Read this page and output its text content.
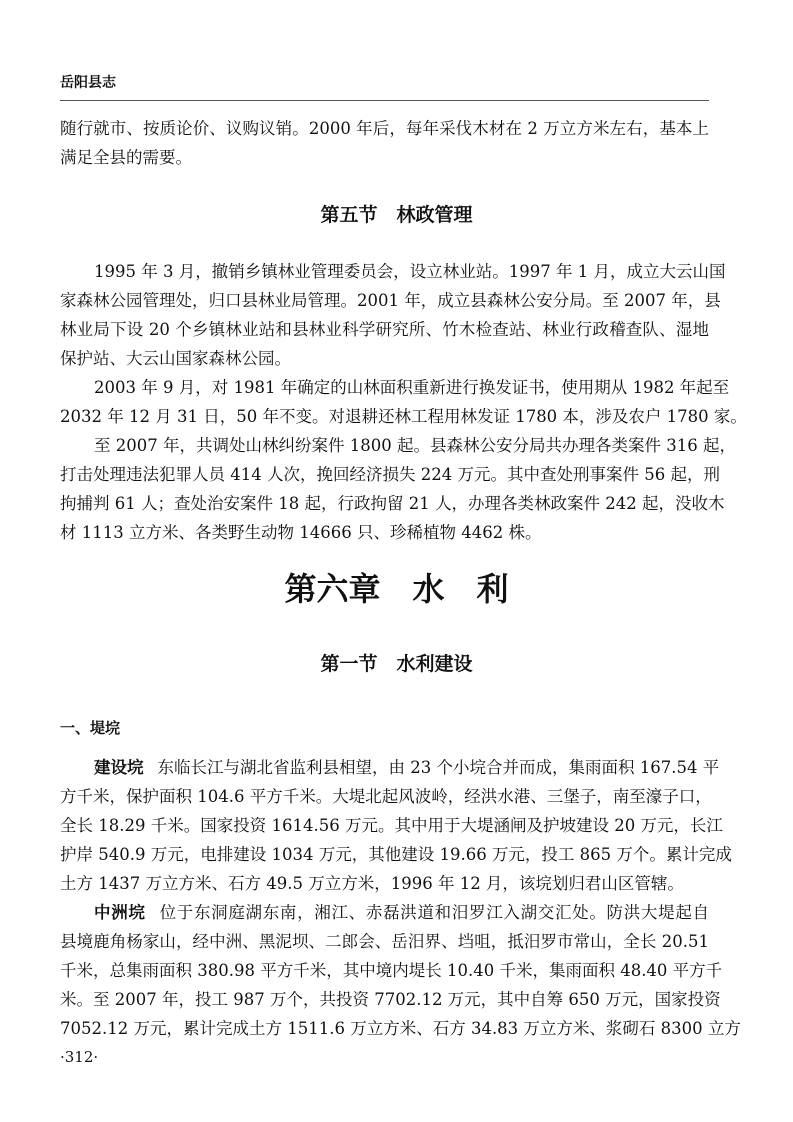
岳阳县志
随行就市、按质论价、议购议销。2000 年后，每年采伐木材在 2 万立方米左右，基本上
满足全县的需要。
第五节　林政管理
1995 年 3 月，撤销乡镇林业管理委员会，设立林业站。1997 年 1 月，成立大云山国
家森林公园管理处，归口县林业局管理。2001 年，成立县森林公安分局。至 2007 年，县
林业局下设 20 个乡镇林业站和县林业科学研究所、竹木检查站、林业行政稽查队、湿地
保护站、大云山国家森林公园。
2003 年 9 月，对 1981 年确定的山林面积重新进行换发证书，使用期从 1982 年起至
2032 年 12 月 31 日，50 年不变。对退耕还林工程用林发证 1780 本，涉及农户 1780 家。
至 2007 年，共调处山林纠纷案件 1800 起。县森林公安分局共办理各类案件 316 起，
打击处理违法犯罪人员 414 人次，挽回经济损失 224 万元。其中查处刑事案件 56 起，刑
拘捕判 61 人；查处治安案件 18 起，行政拘留 21 人，办理各类林政案件 242 起，没收木
材 1113 立方米、各类野生动物 14666 只、珍稀植物 4462 株。
第六章　水　利
第一节　水利建设
一、堤垸
建设垸 东临长江与湖北省监利县相望，由 23 个小垸合并而成，集雨面积 167.54 平
方千米，保护面积 104.6 平方千米。大堤北起风波岭，经洪水港、三堡子，南至濠子口，
全长 18.29 千米。国家投资 1614.56 万元。其中用于大堤涵闸及护坡建设 20 万元，长江
护岸 540.9 万元，电排建设 1034 万元，其他建设 19.66 万元，投工 865 万个。累计完成
土方 1437 万立方米、石方 49.5 万立方米，1996 年 12 月，该垸划归君山区管辖。
中洲垸 位于东洞庭湖东南，湘江、赤磊洪道和汨罗江入湖交汇处。防洪大堤起自
县境鹿角杨家山，经中洲、黑泥坝、二郎会、岳汨界、垱咀，抵汨罗市常山，全长 20.51
千米，总集雨面积 380.98 平方千米，其中境内堤长 10.40 千米，集雨面积 48.40 平方千
米。至 2007 年，投工 987 万个，共投资 7702.12 万元，其中自筹 650 万元，国家投资
7052.12 万元，累计完成土方 1511.6 万立方米、石方 34.83 万立方米、浆砌石 8300 立方
·312·
